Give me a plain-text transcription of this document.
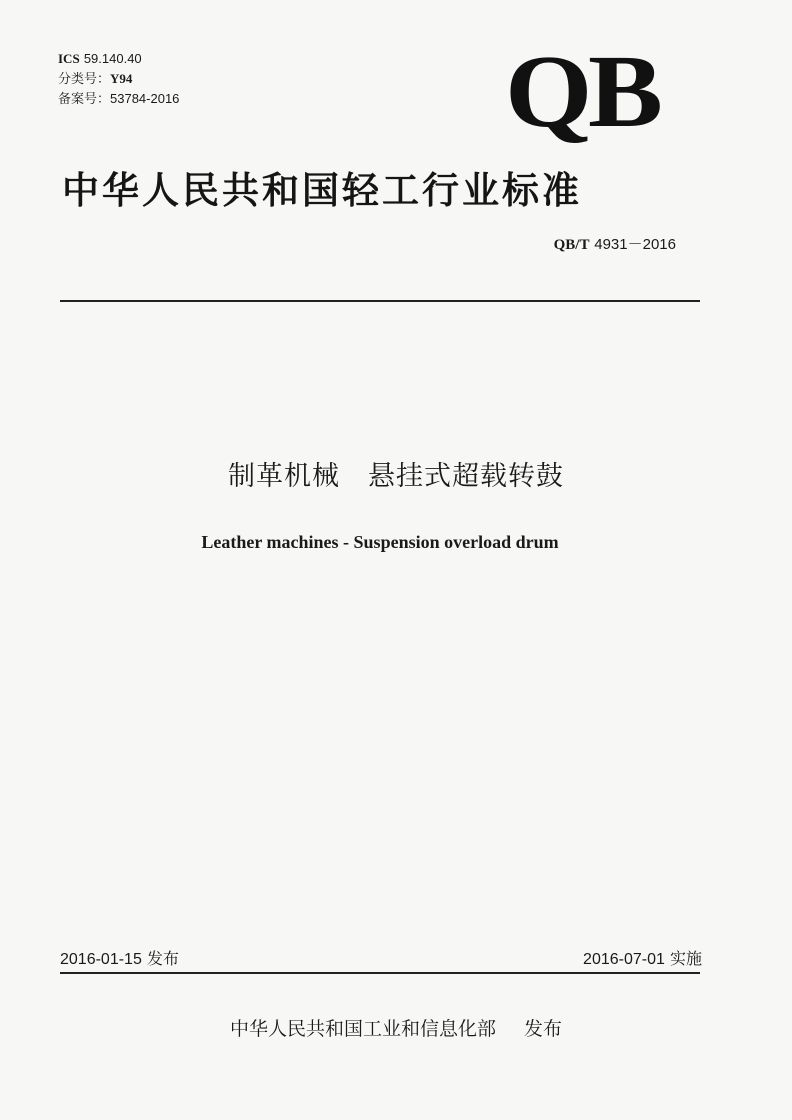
ICS 59.140.40
分类号：Y94
备案号：53784-2016	QB
中华人民共和国轻工行业标准
QB/T 4931－2016
制革机械　悬挂式超载转鼓
Leather machines - Suspension overload drum
2016-01-15 发布	2016-07-01 实施
中华人民共和国工业和信息化部 发布
